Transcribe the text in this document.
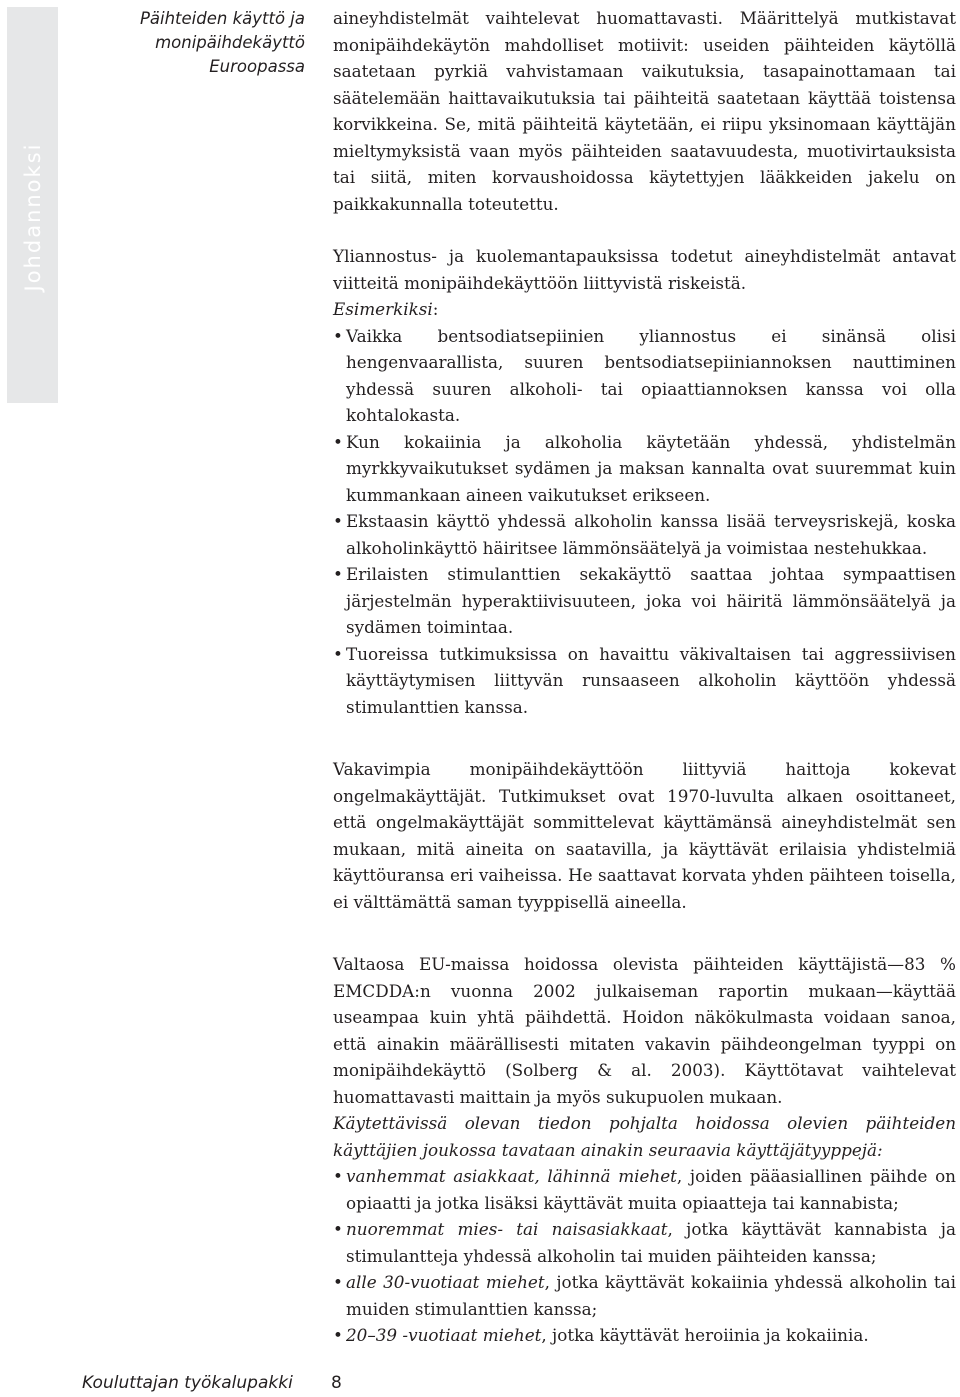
Johdannoksi
Päihteiden käyttö ja
monipäihdekäyttö
Euroopassa

aineyhdistelmät vaihtelevat huomattavasti. Määrittelyä mutkistavat monipäihdekäytön mahdolliset motiivit: useiden päihteiden käytöllä saatetaan pyrkiä vahvistamaan vaikutuksia, tasapainottamaan tai säätelemään haittavaikutuksia tai päihteitä saatetaan käyttää toistensa korvikkeina. Se, mitä päihteitä käytetään, ei riipu yksinomaan käyttäjän mieltymyksistä vaan myös päihteiden saatavuudesta, muotivirtauksista tai siitä, miten korvaushoidossa käytettyjen lääkkeiden jakelu on paikkakunnalla toteutettu.

Yliannostus- ja kuolemantapauksissa todetut aineyhdistelmät antavat viitteitä monipäihdekäyttöön liittyvistä riskeistä.
Esimerkiksi:

• Vaikka bentsodiatsepiinien yliannostus ei sinänsä olisi hengenvaarallista, suuren bentsodiatsepiiniannoksen nauttiminen yhdessä suuren alkoholi- tai opiaattiannoksen kanssa voi olla kohtalokasta.
• Kun kokaiinia ja alkoholia käytetään yhdessä, yhdistelmän myrkkyvaikutukset sydämen ja maksan kannalta ovat suuremmat kuin kummankaan aineen vaikutukset erikseen.
• Ekstaasin käyttö yhdessä alkoholin kanssa lisää terveysriskejä, koska alkoholinkäyttö häiritsee lämmönsäätelyä ja voimistaa nestehukkaa.
• Erilaisten stimulanttien sekakäyttö saattaa johtaa sympaattisen järjestelmän hyperaktiivisuuteen, joka voi häiritä lämmönsäätelyä ja sydämen toimintaa.
• Tuoreissa tutkimuksissa on havaittu väkivaltaisen tai aggressiivisen käyttäytymisen liittyvän runsaaseen alkoholin käyttöön yhdessä stimulanttien kanssa.

Vakavimpia monipäihdekäyttöön liittyviä haittoja kokevat ongelmakäyttäjät. Tutkimukset ovat 1970-luvulta alkaen osoittaneet, että ongelmakäyttäjät sommittelevat käyttämänsä aineyhdistelmät sen mukaan, mitä aineita on saatavilla, ja käyttävät erilaisia yhdistelmiä käyttöuransa eri vaiheissa. He saattavat korvata yhden päihteen toisella, ei välttämättä saman tyyppisellä aineella.

Valtaosa EU-maissa hoidossa olevista päihteiden käyttäjistä—83 % EMCDDA:n vuonna 2002 julkaiseman raportin mukaan—käyttää useampaa kuin yhtä päihdettä. Hoidon näkökulmasta voidaan sanoa, että ainakin määrällisesti mitaten vakavin päihdeongelman tyyppi on monipäihdekäyttö (Solberg & al. 2003). Käyttötavat vaihtelevat huomattavasti maittain ja myös sukupuolen mukaan.

Käytettävissä olevan tiedon pohjalta hoidossa olevien päihteiden käyttäjien joukossa tavataan ainakin seuraavia käyttäjätyyppejä:

• vanhemmat asiakkaat, lähinnä miehet, joiden pääasiallinen päihde on opiaatti ja jotka lisäksi käyttävät muita opiaatteja tai kannabista;
• nuoremmat mies- tai naisasiakkaat, jotka käyttävät kannabista ja stimulantteja yhdessä alkoholin tai muiden päihteiden kanssa;
• alle 30-vuotiaat miehet, jotka käyttävät kokaiinia yhdessä alkoholin tai muiden stimulanttien kanssa;
• 20–39 -vuotiaat miehet, jotka käyttävät heroiinia ja kokaiinia.
Kouluttajan työkalupakki 8
